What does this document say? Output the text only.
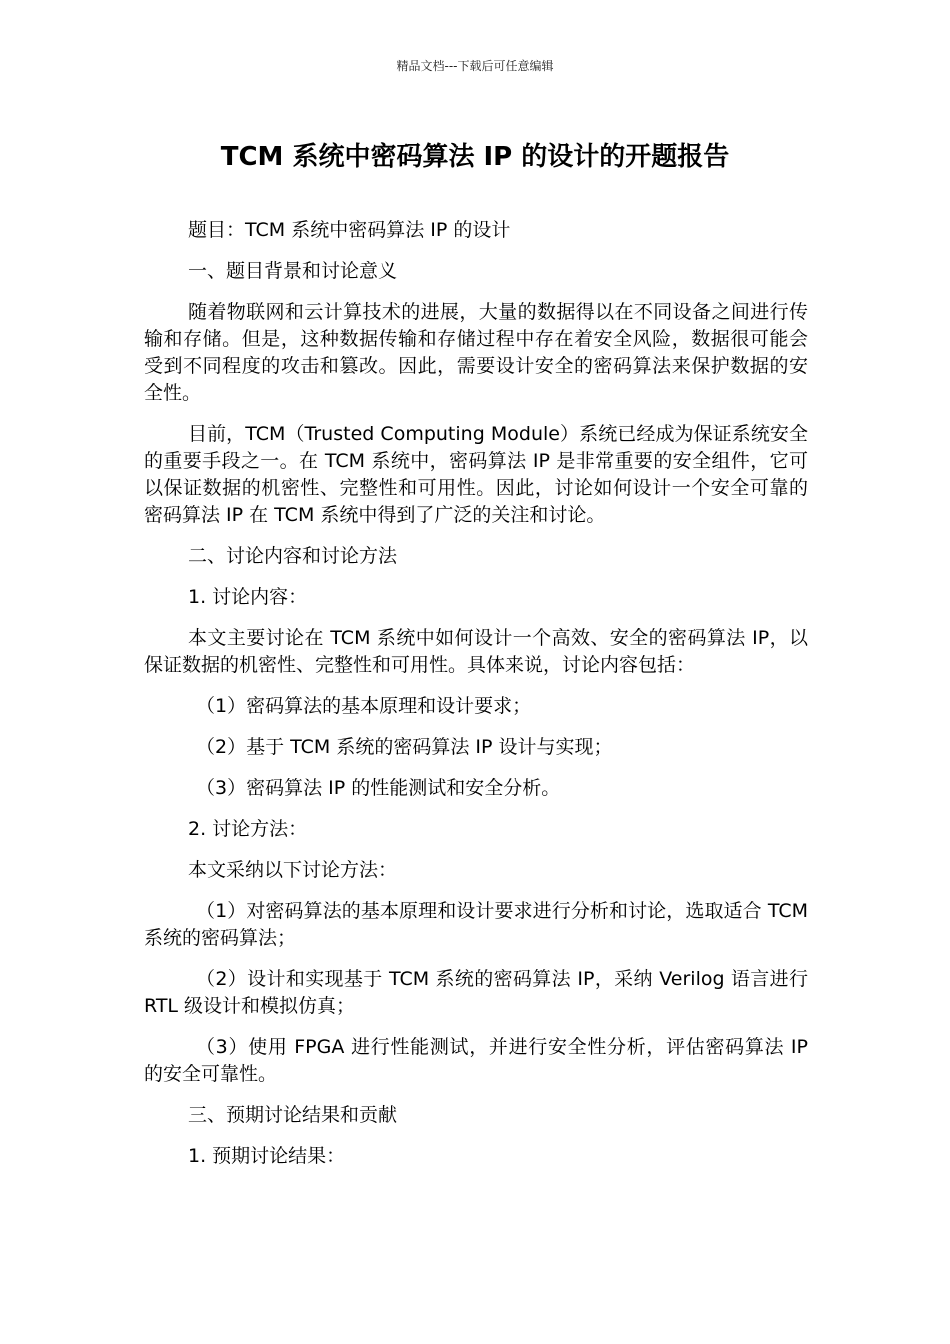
精品文档---下载后可任意编辑
TCM 系统中密码算法 IP 的设计的开题报告

题目：TCM 系统中密码算法 IP 的设计

一、题目背景和讨论意义

随着物联网和云计算技术的进展，大量的数据得以在不同设备之间进行传输和存储。但是，这种数据传输和存储过程中存在着安全风险，数据很可能会受到不同程度的攻击和篡改。因此，需要设计安全的密码算法来保护数据的安全性。

目前，TCM（Trusted Computing Module）系统已经成为保证系统安全的重要手段之一。在 TCM 系统中，密码算法 IP 是非常重要的安全组件，它可以保证数据的机密性、完整性和可用性。因此，讨论如何设计一个安全可靠的密码算法 IP 在 TCM 系统中得到了广泛的关注和讨论。

二、讨论内容和讨论方法

1. 讨论内容：

本文主要讨论在 TCM 系统中如何设计一个高效、安全的密码算法 IP，以保证数据的机密性、完整性和可用性。具体来说，讨论内容包括：

（1）密码算法的基本原理和设计要求；

（2）基于 TCM 系统的密码算法 IP 设计与实现；

（3）密码算法 IP 的性能测试和安全分析。

2. 讨论方法：

本文采纳以下讨论方法：

（1）对密码算法的基本原理和设计要求进行分析和讨论，选取适合 TCM 系统的密码算法；

（2）设计和实现基于 TCM 系统的密码算法 IP，采纳 Verilog 语言进行 RTL 级设计和模拟仿真；

（3）使用 FPGA 进行性能测试，并进行安全性分析，评估密码算法 IP 的安全可靠性。

三、预期讨论结果和贡献

1. 预期讨论结果：
